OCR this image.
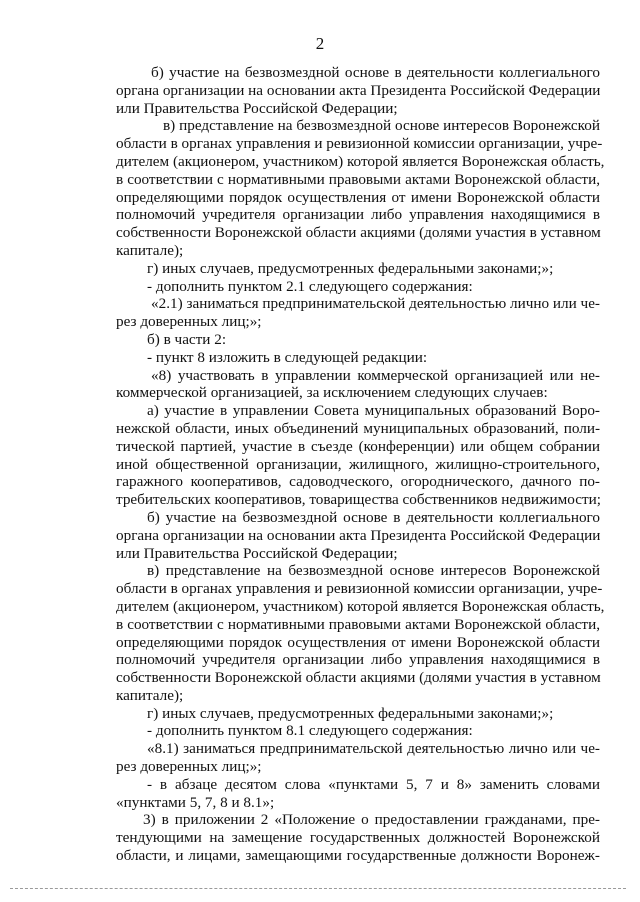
2
б) участие на безвозмездной основе в деятельности коллегиального
органа организации на основании акта Президента Российской Федерации
или Правительства Российской Федерации;
в) представление на безвозмездной основе интересов Воронежской
области в органах управления и ревизионной комиссии организации, учре-
дителем (акционером, участником) которой является Воронежская область,
в соответствии с нормативными правовыми актами Воронежской области,
определяющими порядок осуществления от имени Воронежской области
полномочий учредителя организации либо управления находящимися в
собственности Воронежской области акциями (долями участия в уставном
капитале);
г) иных случаев, предусмотренных федеральными законами;»;
- дополнить пунктом 2.1 следующего содержания:
«2.1) заниматься предпринимательской деятельностью лично или че-
рез доверенных лиц;»;
б) в части 2:
- пункт 8 изложить в следующей редакции:
«8) участвовать в управлении коммерческой организацией или не-
коммерческой организацией, за исключением следующих случаев:
а) участие в управлении Совета муниципальных образований Воро-
нежской области, иных объединений муниципальных образований, поли-
тической партией, участие в съезде (конференции) или общем собрании
иной общественной организации, жилищного, жилищно-строительного,
гаражного кооперативов, садоводческого, огороднического, дачного по-
требительских кооперативов, товарищества собственников недвижимости;
б) участие на безвозмездной основе в деятельности коллегиального
органа организации на основании акта Президента Российской Федерации
или Правительства Российской Федерации;
в) представление на безвозмездной основе интересов Воронежской
области в органах управления и ревизионной комиссии организации, учре-
дителем (акционером, участником) которой является Воронежская область,
в соответствии с нормативными правовыми актами Воронежской области,
определяющими порядок осуществления от имени Воронежской области
полномочий учредителя организации либо управления находящимися в
собственности Воронежской области акциями (долями участия в уставном
капитале);
г) иных случаев, предусмотренных федеральными законами;»;
- дополнить пунктом 8.1 следующего содержания:
«8.1) заниматься предпринимательской деятельностью лично или че-
рез доверенных лиц;»;
- в абзаце десятом слова «пунктами 5, 7 и 8» заменить словами
«пунктами 5, 7, 8 и 8.1»;
3) в приложении 2 «Положение о предоставлении гражданами, пре-
тендующими на замещение государственных должностей Воронежской
области, и лицами, замещающими государственные должности Воронеж-
